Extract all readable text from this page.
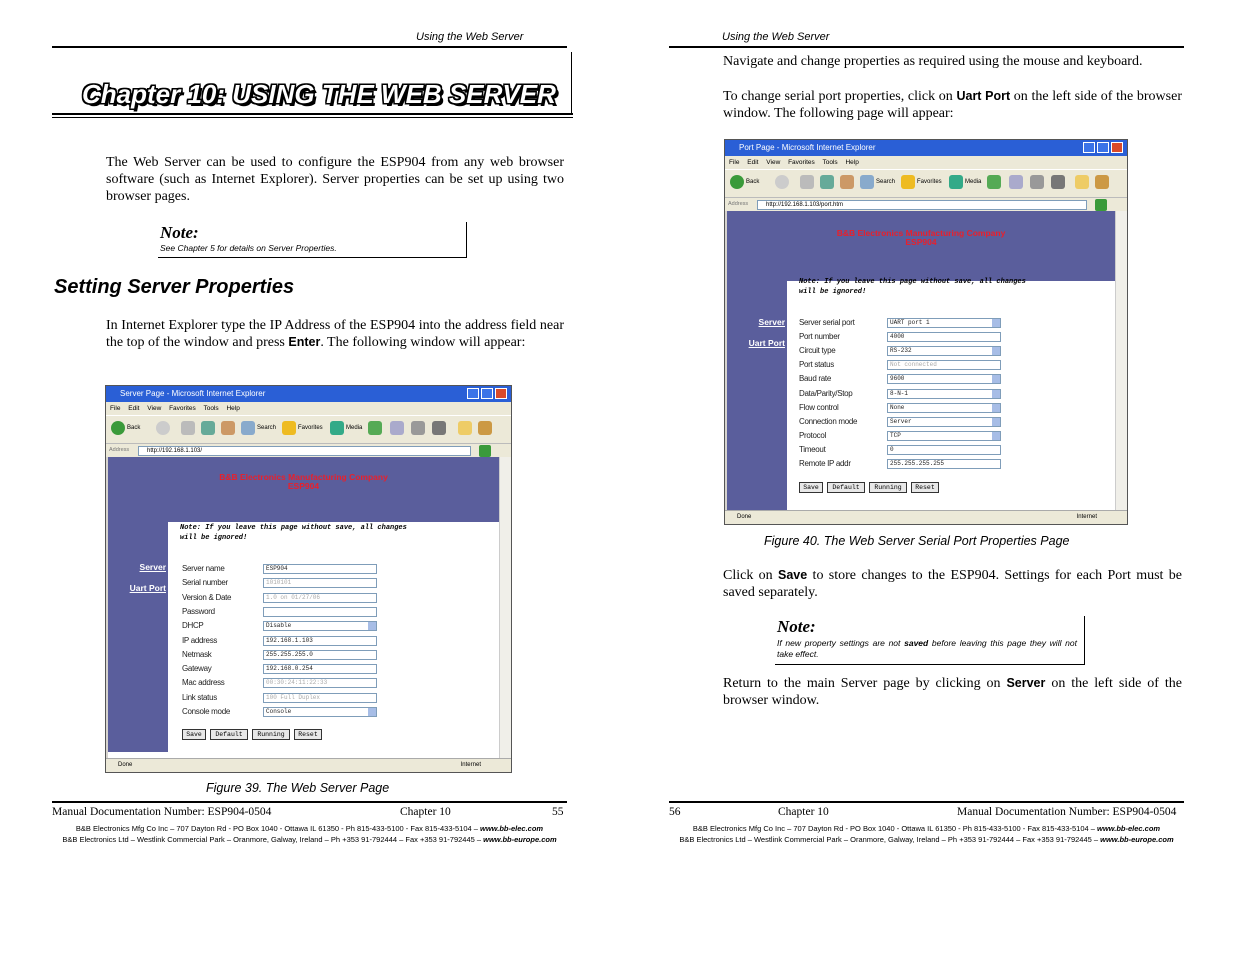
Using the Web Server
Chapter 10: USING THE WEB SERVER
The Web Server can be used to configure the ESP904 from any web browser software (such as Internet Explorer). Server properties can be set up using two browser pages.
Note:
See Chapter 5 for details on Server Properties.
Setting Server Properties
In Internet Explorer type the IP Address of the ESP904 into the address field near the top of the window and press Enter. The following window will appear:
Server Page - Microsoft Internet Explorer
File Edit View Favorites Tools Help
Back	Search	Favorites	Media
Address	http://192.168.1.103/
B&B Electronics Manufacturing Company
ESP904
Server
Uart Port
Note: If you leave this page without save, all changes
will be ignored!
Server name	ESP904
Serial number	1010101
Version & Date	1.0 on 01/27/06
Password
DHCP	Disable
IP address	192.168.1.103
Netmask	255.255.255.0
Gateway	192.168.0.254
Mac address	00:30:24:11:22:33
Link status	100 Full Duplex
Console mode	Console
Save	Default	Running	Reset
Done	Internet
Figure 39. The Web Server Page
Manual Documentation Number: ESP904-0504	Chapter 10	55
B&B Electronics Mfg Co Inc – 707 Dayton Rd - PO Box 1040 - Ottawa IL 61350 - Ph 815-433-5100 - Fax 815-433-5104 – www.bb-elec.com
B&B Electronics Ltd – Westlink Commercial Park – Oranmore, Galway, Ireland – Ph +353 91-792444 – Fax +353 91-792445 – www.bb-europe.com
Using the Web Server
Navigate and change properties as required using the mouse and keyboard.
To change serial port properties, click on Uart Port on the left side of the browser window. The following page will appear:
Port Page - Microsoft Internet Explorer
File Edit View Favorites Tools Help
Back	Search	Favorites	Media
Address	http://192.168.1.103/port.htm
B&B Electronics Manufacturing Company
ESP904
Server
Uart Port
Note: If you leave this page without save, all changes
will be ignored!
Server serial port	UART port 1
Port number	4000
Circuit type	RS-232
Port status	Not connected
Baud rate	9600
Data/Parity/Stop	8-N-1
Flow control	None
Connection mode	Server
Protocol	TCP
Timeout	0
Remote IP addr	255.255.255.255
Save	Default	Running	Reset
Done	Internet
Figure 40. The Web Server Serial Port Properties Page
Click on Save to store changes to the ESP904. Settings for each Port must be saved separately.
Note:
If new property settings are not saved before leaving this page they will not take effect.
Return to the main Server page by clicking on Server on the left side of the browser window.
56	Chapter 10	Manual Documentation Number: ESP904-0504
B&B Electronics Mfg Co Inc – 707 Dayton Rd - PO Box 1040 - Ottawa IL 61350 - Ph 815-433-5100 - Fax 815-433-5104 – www.bb-elec.com
B&B Electronics Ltd – Westlink Commercial Park – Oranmore, Galway, Ireland – Ph +353 91-792444 – Fax +353 91-792445 – www.bb-europe.com
